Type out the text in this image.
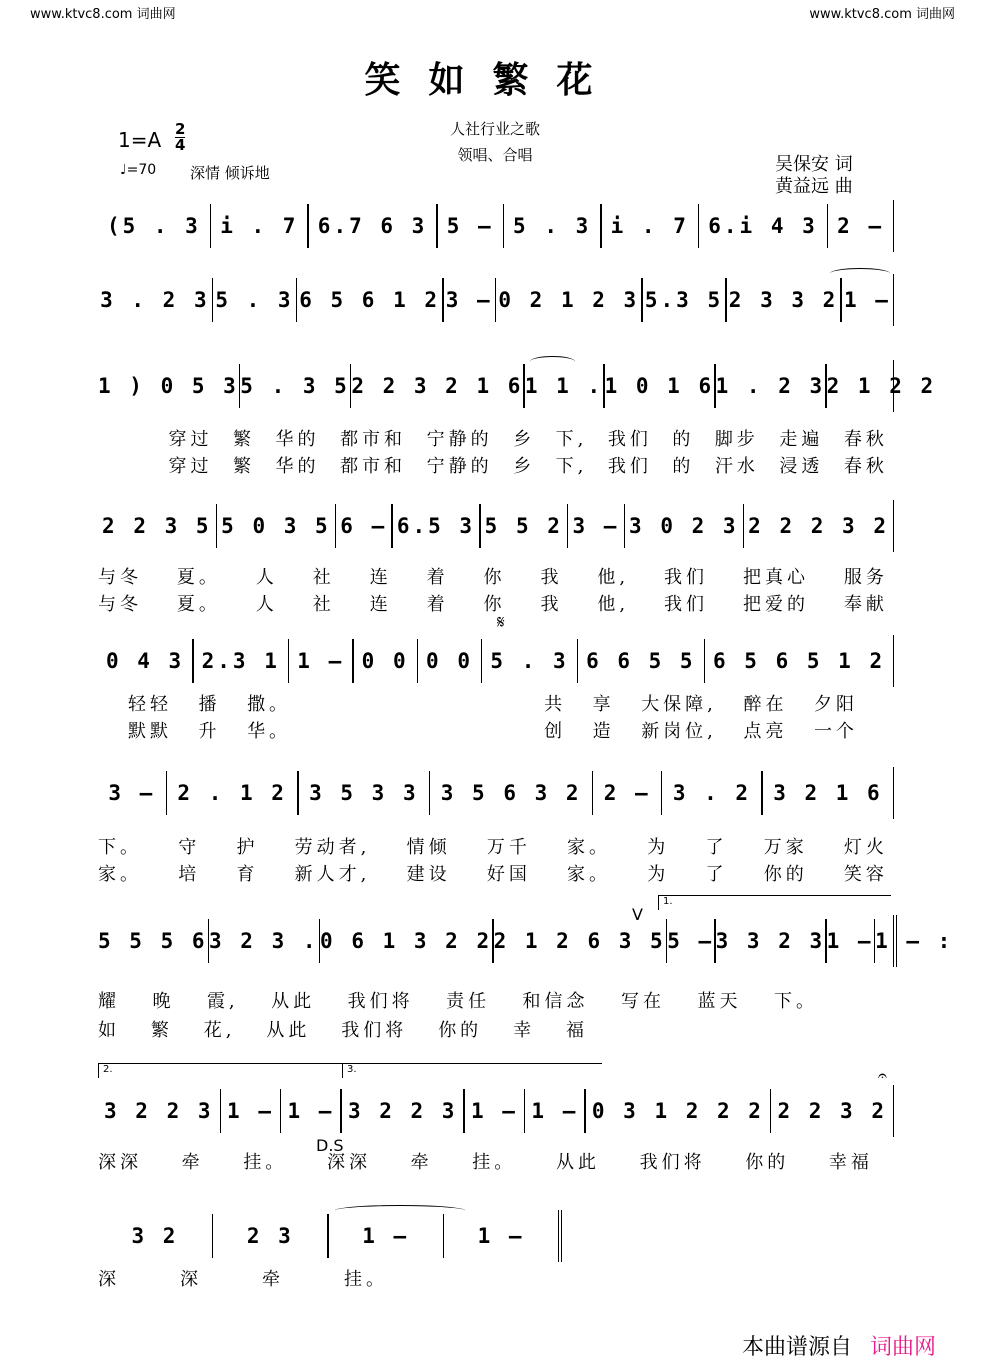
www.ktvc8.com 词曲网	www.ktvc8.com 词曲网
笑如繁花
人社行业之歌
领唱、合唱
1=A 2
4
♩=70 深情 倾诉地	吴保安 词
黄益远 曲
(5 . 3 i . 7 6.7 6 3 5 – 5 . 3 i . 7 6.i 4 3 2 –
3 . 2 3 5 . 3 6 5 6 1 2 3 – 0 2 1 2 3 5.3 5 2 3 3 2 1 –
1 ) 0 5 3 5 . 3 5 2 2 3 2 1 6 1 1 . 1 0 1 6 1 . 2 3 2 1 2 2
穿过 繁 华的 都市和 宁静的 乡 下, 我们 的 脚步 走遍 春秋
穿过 繁 华的 都市和 宁静的 乡 下, 我们 的 汗水 浸透 春秋
2 2 3 5 5 0 3 5 6 – 6.5 3 5 5 2 3 – 3 0 2 3 2 2 2 3 2
与冬 夏。 人 社 连 着 你 我 他, 我们 把真心 服务
与冬 夏。 人 社 连 着 你 我 他, 我们 把爱的 奉献
𝄋
0 4 3 2.3 1 1 – 0 0 0 0 5 . 3 6 6 5 5 6 5 6 5 1 2
轻轻 播 撒。	共 享 大保障, 醉在 夕阳
默默 升 华。	创 造 新岗位, 点亮 一个
3 –	2 . 1 2	3 5 3 3	3 5 6 3 2	2 –	3 . 2	3 2 1 6
下。 守 护 劳动者, 情倾 万千 家。 为 了 万家 灯火
家。 培 育 新人才, 建设 好国 家。 为 了 你的 笑容
1.
V
5 5 5 6 3 2 3 . 0 6 1 3 2 2 2 1 2 6 3 5 5 – 3 3 2 3 1 – 1 – :
耀 晚 霞, 从此 我们将 责任 和信念 写在 蓝天 下。
如 繁 花, 从此 我们将 你的 幸 福
2.	3.	𝄐
3 2 2 3 1 – 1 – 3 2 2 3 1 – 1 – 0 3 1 2 2 2 2 2 3 2
D.S
深深 牵 挂。 深深 牵 挂。 从此 我们将 你的 幸福
3 2	2 3	1 –	1 –
深	深	牵	挂。
本曲谱源自 词曲网
